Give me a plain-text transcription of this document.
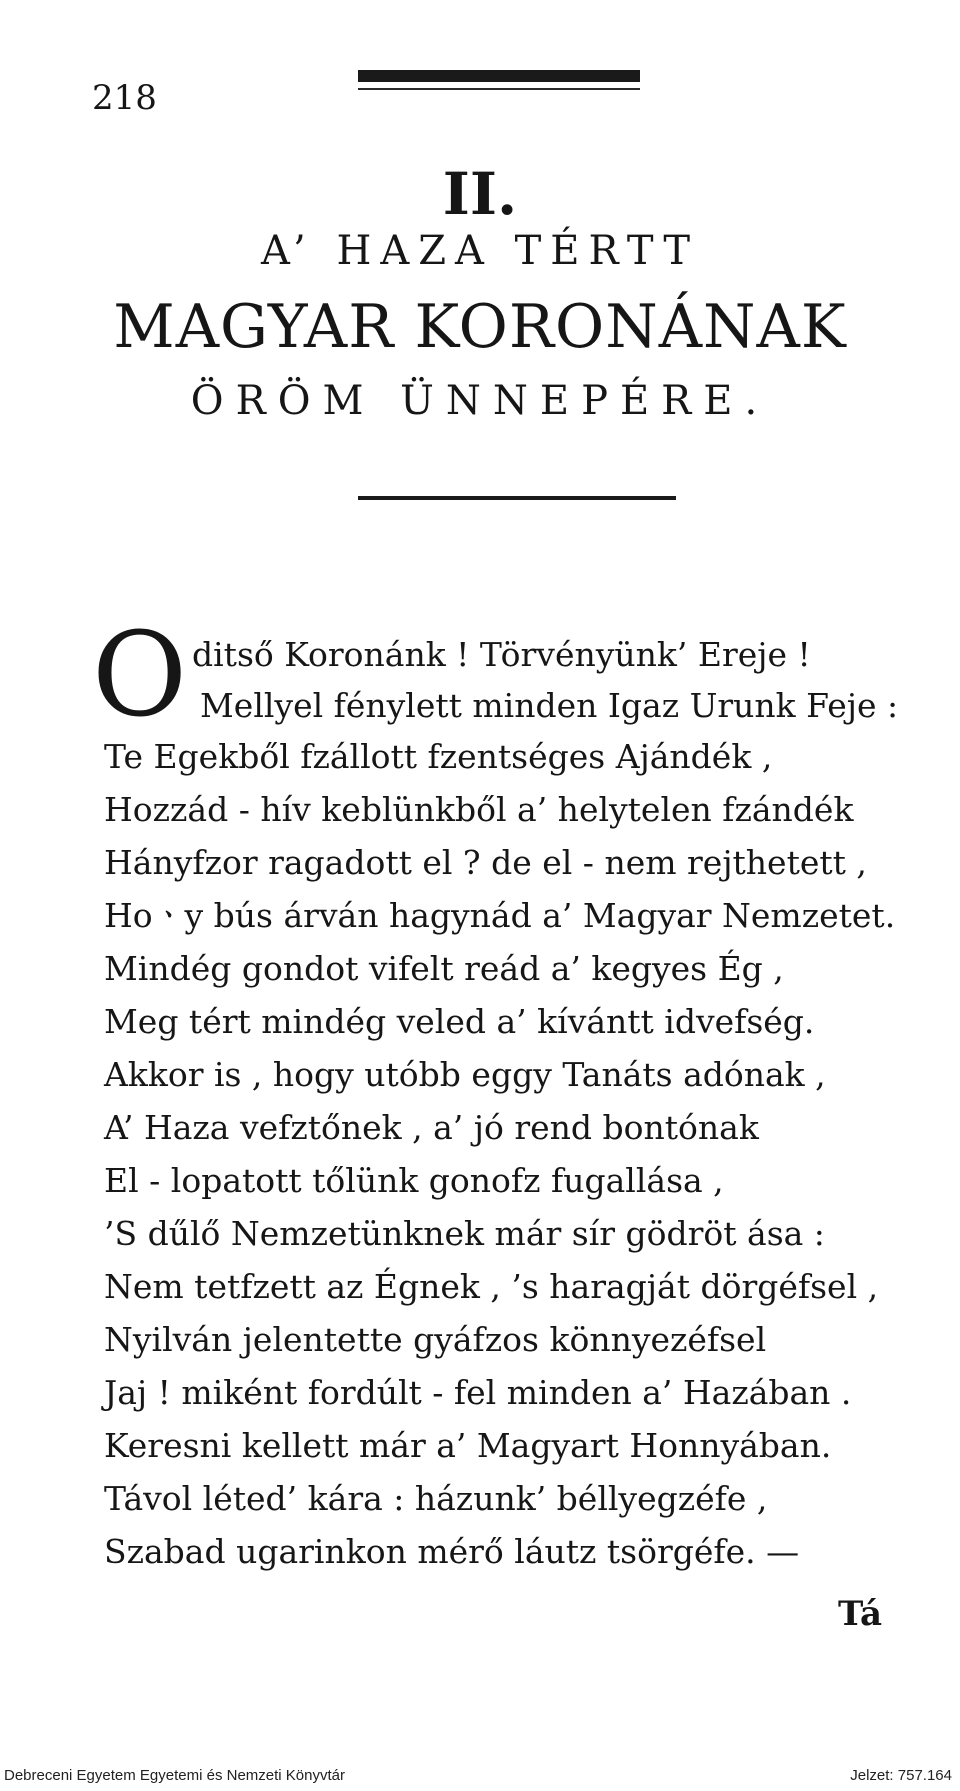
218
II.
A’ HAZA TÉRTT
MAGYAR KORONÁNAK
ÖRÖM ÜNNEPÉRE.
O ditső Koronánk ! Törvényünk’ Ereje !
Mellyel fénylett minden Igaz Urunk Feje :
Te Egekből fzállott fzentséges Ajándék ,
Hozzád - hív keblünkből a’ helytelen fzándék
Hányfzor ragadott el ? de el - nem rejthetett ,
Hoㆍy bús árván hagynád a’ Magyar Nemzetet.
Mindég gondot vifelt reád a’ kegyes Ég ,
Meg tért mindég veled a’ kívántt idvefség.
Akkor is , hogy utóbb eggy Tanáts adónak ,
A’ Haza vefztőnek , a’ jó rend bontónak
El - lopatott tőlünk gonofz fugallása ,
’S dűlő Nemzetünknek már sír gödröt ása :
Nem tetfzett az Égnek , ’s haragját dörgéfsel ,
Nyilván jelentette gyáfzos könnyezéfsel
Jaj ! miként fordúlt - fel minden a’ Hazában .
Keresni kellett már a’ Magyart Honnyában.
Távol léted’ kára : házunk’ béllyegzéfe ,
Szabad ugarinkon mérő láutz tsörgéfe. —
Tá
Debreceni Egyetem Egyetemi és Nemzeti Könyvtár	Jelzet: 757.164
